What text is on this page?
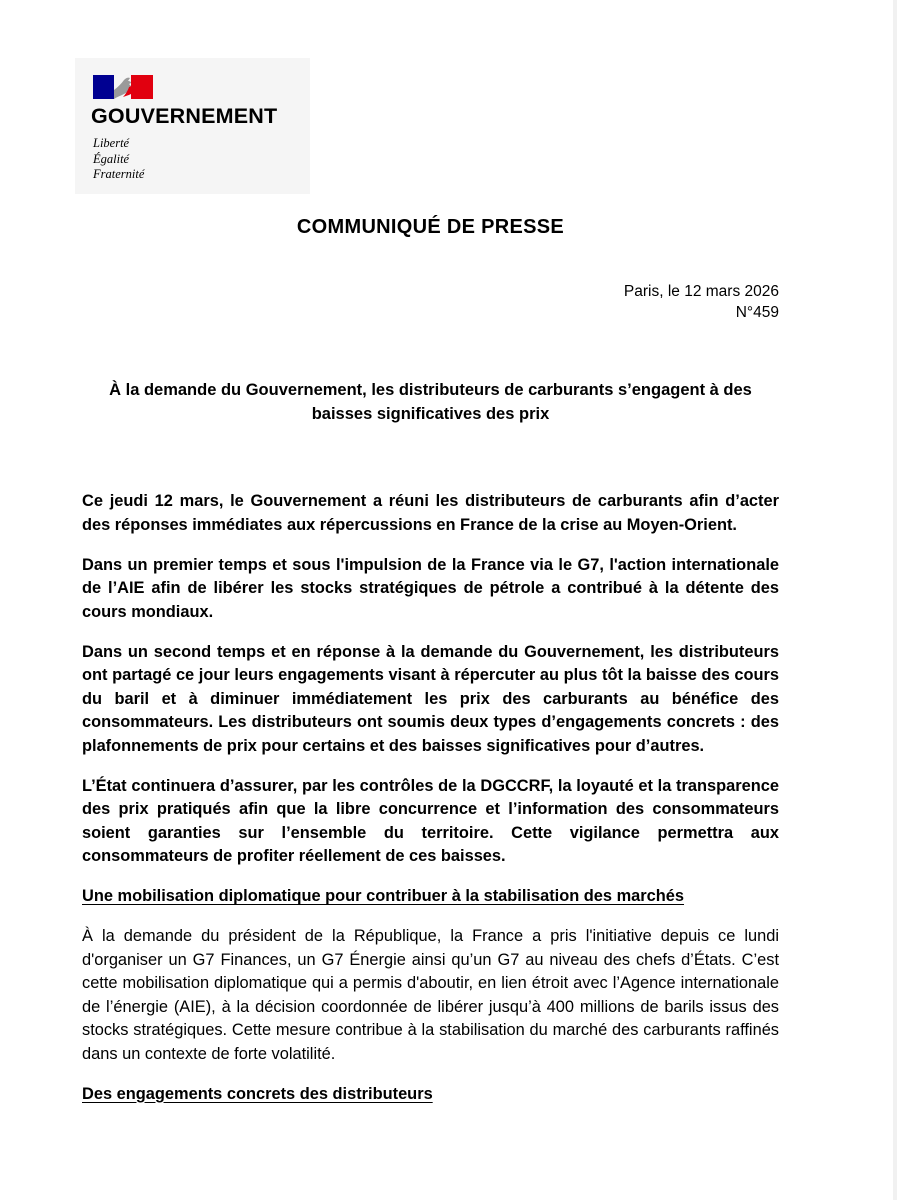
GOUVERNEMENT
Liberté
Égalité
Fraternité
COMMUNIQUÉ DE PRESSE
Paris, le 12 mars 2026
N°459
À la demande du Gouvernement, les distributeurs de carburants s’engagent à des baisses significatives des prix

Ce jeudi 12 mars, le Gouvernement a réuni les distributeurs de carburants afin d’acter des réponses immédiates aux répercussions en France de la crise au Moyen-Orient.

Dans un premier temps et sous l'impulsion de la France via le G7, l'action internationale de l’AIE afin de libérer les stocks stratégiques de pétrole a contribué à la détente des cours mondiaux.

Dans un second temps et en réponse à la demande du Gouvernement, les distributeurs ont partagé ce jour leurs engagements visant à répercuter au plus tôt la baisse des cours du baril et à diminuer immédiatement les prix des carburants au bénéfice des consommateurs. Les distributeurs ont soumis deux types d’engagements concrets : des plafonnements de prix pour certains et des baisses significatives pour d’autres.

L’État continuera d’assurer, par les contrôles de la DGCCRF, la loyauté et la transparence des prix pratiqués afin que la libre concurrence et l’information des consommateurs soient garanties sur l’ensemble du territoire. Cette vigilance permettra aux consommateurs de profiter réellement de ces baisses.

Une mobilisation diplomatique pour contribuer à la stabilisation des marchés

À la demande du président de la République, la France a pris l'initiative depuis ce lundi d'organiser un G7 Finances, un G7 Énergie ainsi qu’un G7 au niveau des chefs d’États. C’est cette mobilisation diplomatique qui a permis d'aboutir, en lien étroit avec l’Agence internationale de l’énergie (AIE), à la décision coordonnée de libérer jusqu’à 400 millions de barils issus des stocks stratégiques. Cette mesure contribue à la stabilisation du marché des carburants raffinés dans un contexte de forte volatilité.

Des engagements concrets des distributeurs
